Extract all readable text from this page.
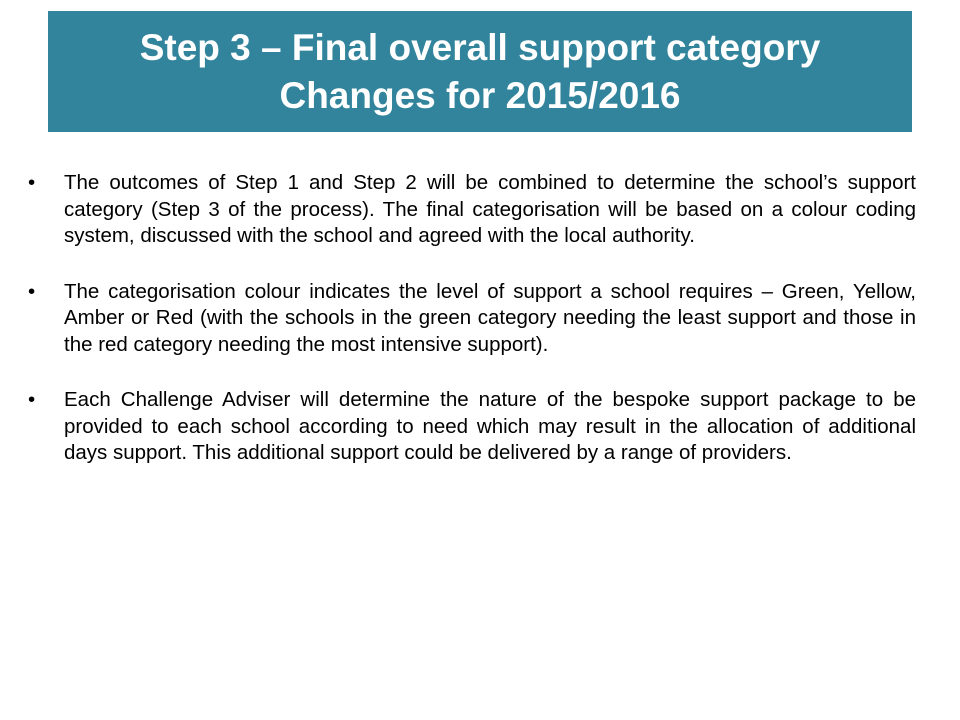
Step 3 – Final overall support category
Changes for 2015/2016
• The outcomes of Step 1 and Step 2 will be combined to determine the school’s support category (Step 3 of the process). The final categorisation will be based on a colour coding system, discussed with the school and agreed with the local authority.
• The categorisation colour indicates the level of support a school requires – Green, Yellow, Amber or Red (with the schools in the green category needing the least support and those in the red category needing the most intensive support).
• Each Challenge Adviser will determine the nature of the bespoke support package to be provided to each school according to need which may result in the allocation of additional days support. This additional support could be delivered by a range of providers.
